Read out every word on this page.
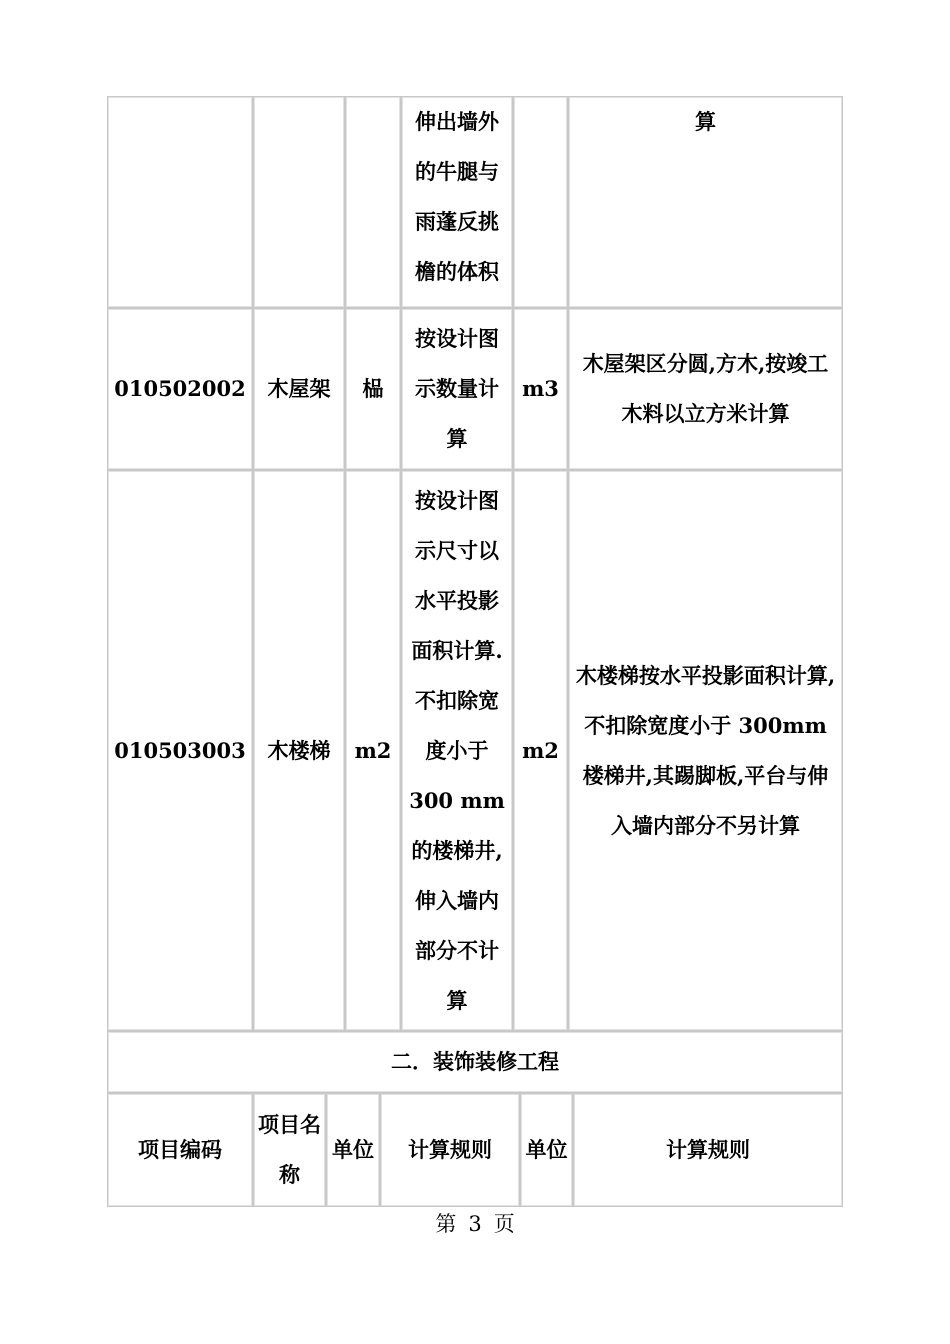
			伸出墙外的牛腿与雨蓬反挑檐的体积		算
010502002	木屋架	榀	按设计图示数量计算	m3	木屋架区分圆,方木,按竣工木料以立方米计算
010503003	木楼梯	m2	按设计图示尺寸以水平投影面积计算.不扣除宽度小于 300 mm 的楼梯井,伸入墙内部分不计算	m2	木楼梯按水平投影面积计算,不扣除宽度小于 300mm 楼梯井,其踢脚板,平台与伸入墙内部分不另计算
二．装饰装修工程
项目编码	项目名称	单位	计算规则	单位	计算规则
第 3 页
